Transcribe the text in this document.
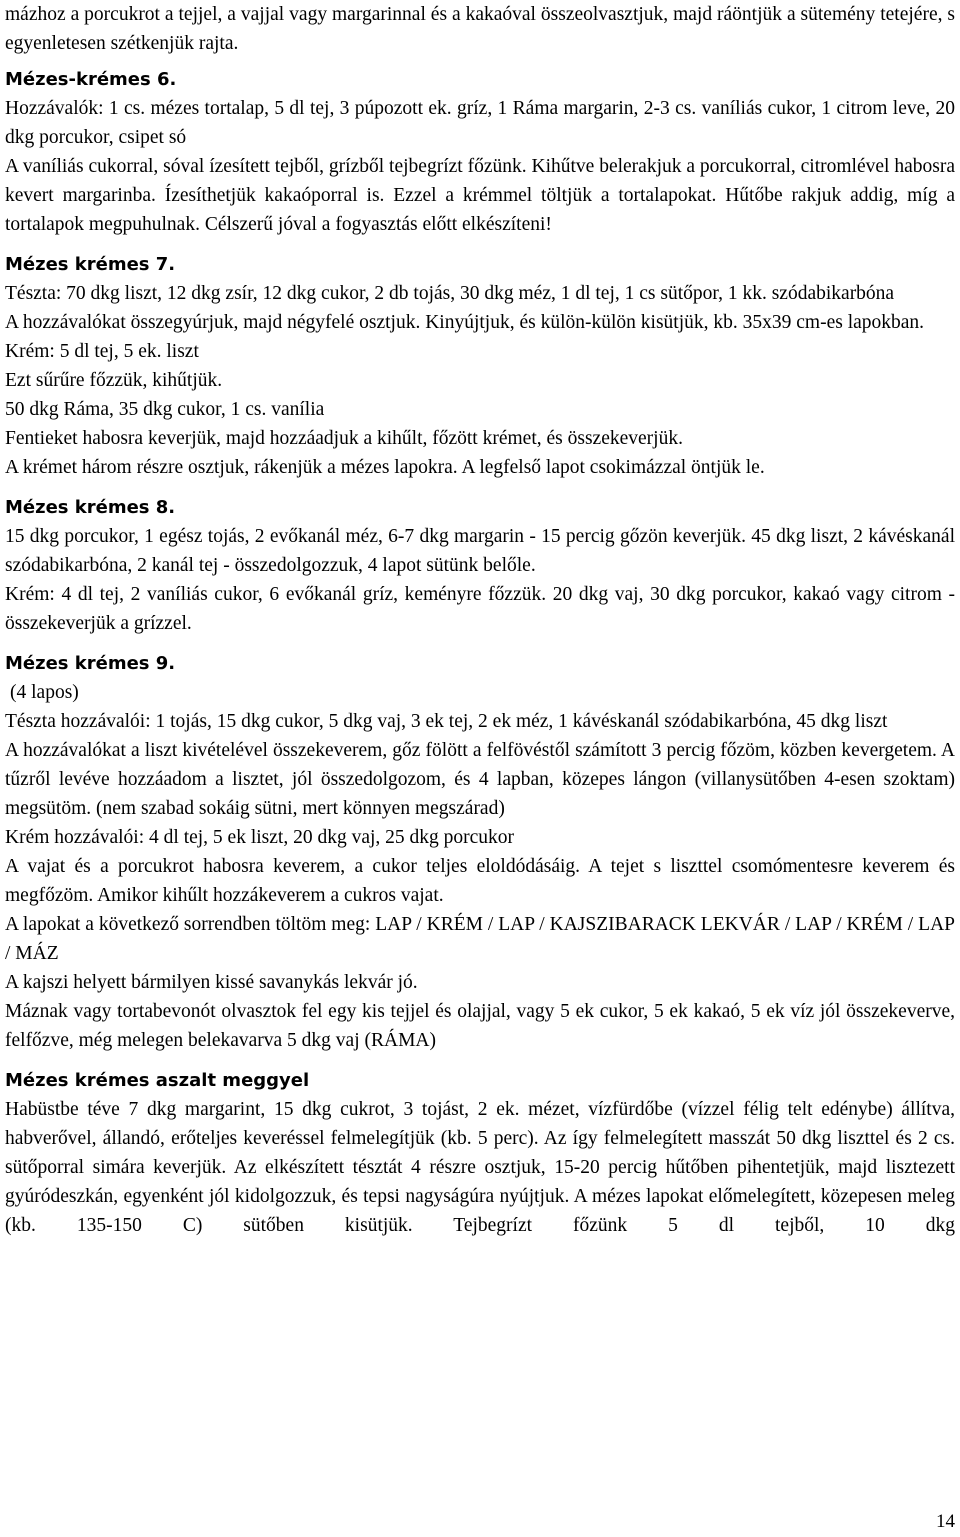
mázhoz a porcukrot a tejjel, a vajjal vagy margarinnal és a kakaóval összeolvasztjuk, majd ráöntjük a sütemény tetejére, s egyenletesen szétkenjük rajta.

Mézes-krémes 6.

Hozzávalók: 1 cs. mézes tortalap, 5 dl tej, 3 púpozott ek. gríz, 1 Ráma margarin, 2-3 cs. vaníliás cukor, 1 citrom leve, 20 dkg porcukor, csipet só

A vaníliás cukorral, sóval ízesített tejből, grízből tejbegrízt főzünk. Kihűtve belerakjuk a porcukorral, citromlével habosra kevert margarinba. Ízesíthetjük kakaóporral is. Ezzel a krémmel töltjük a tortalapokat. Hűtőbe rakjuk addig, míg a tortalapok megpuhulnak. Célszerű jóval a fogyasztás előtt elkészíteni!

Mézes krémes 7.

Tészta: 70 dkg liszt, 12 dkg zsír, 12 dkg cukor, 2 db tojás, 30 dkg méz, 1 dl tej, 1 cs sütőpor, 1 kk. szódabikarbóna

A hozzávalókat összegyúrjuk, majd négyfelé osztjuk. Kinyújtjuk, és külön-külön kisütjük, kb. 35x39 cm-es lapokban.

Krém: 5 dl tej, 5 ek. liszt

Ezt sűrűre főzzük, kihűtjük.

50 dkg Ráma, 35 dkg cukor, 1 cs. vanília

Fentieket habosra keverjük, majd hozzáadjuk a kihűlt, főzött krémet, és összekeverjük.

A krémet három részre osztjuk, rákenjük a mézes lapokra. A legfelső lapot csokimázzal öntjük le.

Mézes krémes 8.

15 dkg porcukor, 1 egész tojás, 2 evőkanál méz, 6-7 dkg margarin - 15 percig gőzön keverjük. 45 dkg liszt, 2 kávéskanál szódabikarbóna, 2 kanál tej - összedolgozzuk, 4 lapot sütünk belőle.

Krém: 4 dl tej, 2 vaníliás cukor, 6 evőkanál gríz, keményre főzzük. 20 dkg vaj, 30 dkg porcukor, kakaó vagy citrom - összekeverjük a grízzel.

Mézes krémes 9.

(4 lapos)

Tészta hozzávalói: 1 tojás, 15 dkg cukor, 5 dkg vaj, 3 ek tej, 2 ek méz, 1 kávéskanál szódabikarbóna, 45 dkg liszt

A hozzávalókat a liszt kivételével összekeverem, gőz fölött a felfövéstől számított 3 percig főzöm, közben kevergetem. A tűzről levéve hozzáadom a lisztet, jól összedolgozom, és 4 lapban, közepes lángon (villanysütőben 4-esen szoktam) megsütöm. (nem szabad sokáig sütni, mert könnyen megszárad)

Krém hozzávalói: 4 dl tej, 5 ek liszt, 20 dkg vaj, 25 dkg porcukor

A vajat és a porcukrot habosra keverem, a cukor teljes eloldódásáig. A tejet s liszttel csomómentesre keverem és megfőzöm. Amikor kihűlt hozzákeverem a cukros vajat.

A lapokat a következő sorrendben töltöm meg: LAP / KRÉM / LAP / KAJSZIBARACK LEKVÁR / LAP / KRÉM / LAP / MÁZ

A kajszi helyett bármilyen kissé savanykás lekvár jó.

Máznak vagy tortabevonót olvasztok fel egy kis tejjel és olajjal, vagy 5 ek cukor, 5 ek kakaó, 5 ek víz jól összekeverve, felfőzve, még melegen belekavarva 5 dkg vaj (RÁMA)

Mézes krémes aszalt meggyel

Habüstbe téve 7 dkg margarint, 15 dkg cukrot, 3 tojást, 2 ek. mézet, vízfürdőbe (vízzel félig telt edénybe) állítva, habverővel, állandó, erőteljes keveréssel felmelegítjük (kb. 5 perc). Az így felmelegített masszát 50 dkg liszttel és 2 cs. sütőporral simára keverjük. Az elkészített tésztát 4 részre osztjuk, 15-20 percig hűtőben pihentetjük, majd lisztezett gyúródeszkán, egyenként jól kidolgozzuk, és tepsi nagyságúra nyújtjuk. A mézes lapokat előmelegített, közepesen meleg (kb. 135-150 C) sütőben kisütjük. Tejbegrízt főzünk 5 dl tejből, 10 dkg

14
